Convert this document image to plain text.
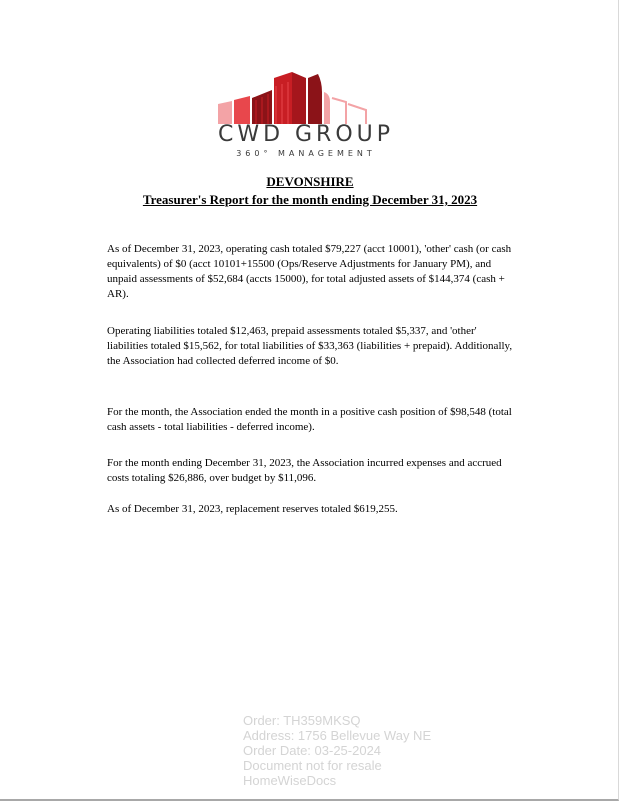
CWD GROUP
360° MANAGEMENT
DEVONSHIRE
Treasurer's Report for the month ending December 31, 2023

As of December 31, 2023, operating cash totaled $79,227 (acct 10001), 'other' cash (or cash equivalents) of $0 (acct 10101+15500 (Ops/Reserve Adjustments for January PM), and unpaid assessments of $52,684 (accts 15000), for total adjusted assets of $144,374 (cash + AR).

Operating liabilities totaled $12,463, prepaid assessments totaled $5,337, and 'other' liabilities totaled $15,562, for total liabilities of $33,363 (liabilities + prepaid). Additionally, the Association had collected deferred income of $0.

For the month, the Association ended the month in a positive cash position of $98,548 (total cash assets - total liabilities - deferred income).

For the month ending December 31, 2023, the Association incurred expenses and accrued costs totaling $26,886, over budget by $11,096.

As of December 31, 2023, replacement reserves totaled $619,255.

Order: TH359MKSQ
Address: 1756 Bellevue Way NE
Order Date: 03-25-2024
Document not for resale
HomeWiseDocs
